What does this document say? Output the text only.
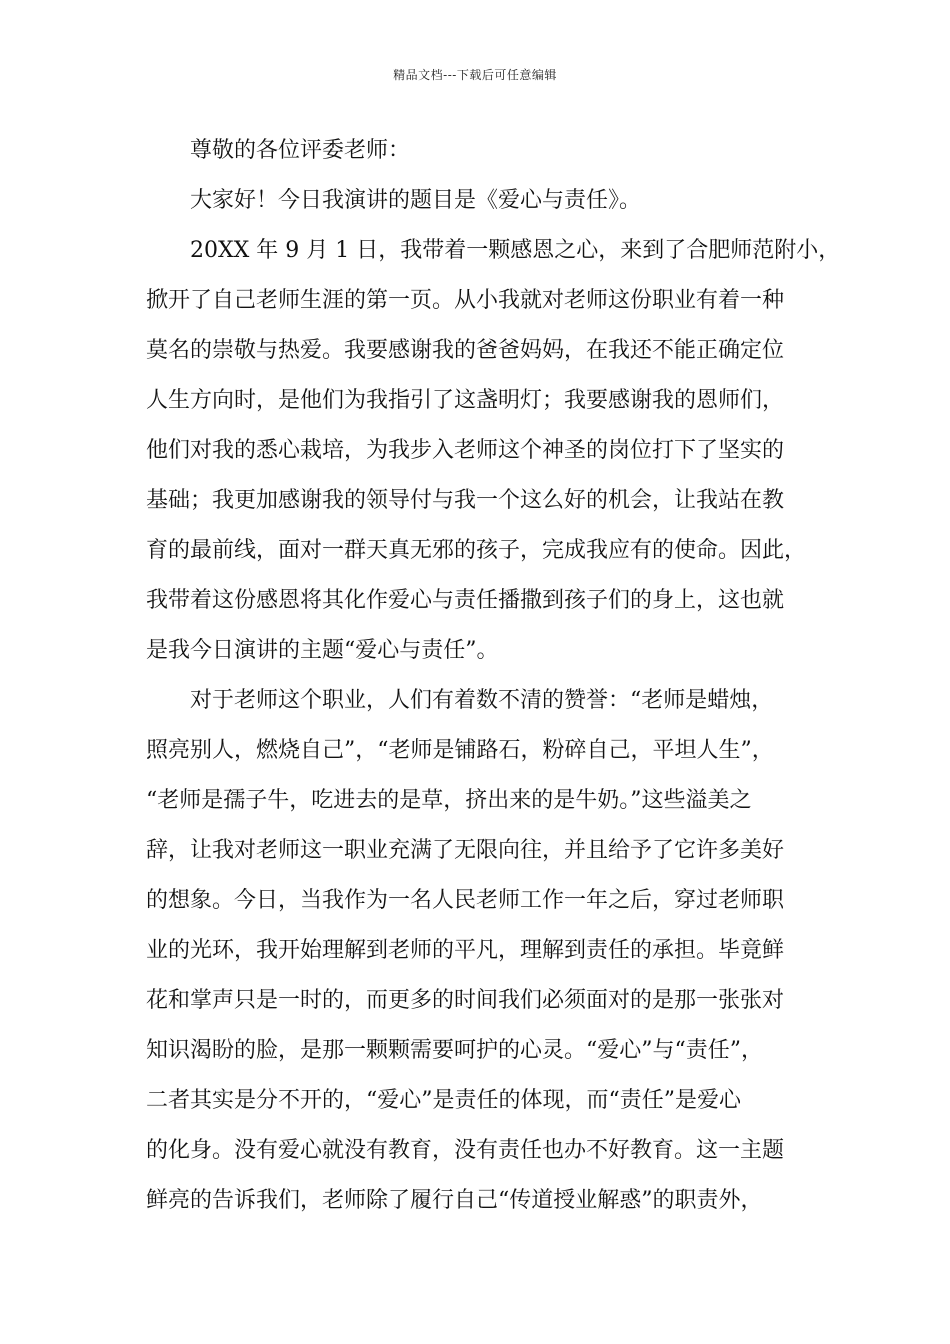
精品文档---下载后可任意编辑
尊敬的各位评委老师：
大家好！今日我演讲的题目是《爱心与责任》。
20XX 年 9 月 1 日，我带着一颗感恩之心，来到了合肥师范附小，
掀开了自己老师生涯的第一页。从小我就对老师这份职业有着一种
莫名的崇敬与热爱。我要感谢我的爸爸妈妈，在我还不能正确定位
人生方向时，是他们为我指引了这盏明灯；我要感谢我的恩师们，
他们对我的悉心栽培，为我步入老师这个神圣的岗位打下了坚实的
基础；我更加感谢我的领导付与我一个这么好的机会，让我站在教
育的最前线，面对一群天真无邪的孩子，完成我应有的使命。因此，
我带着这份感恩将其化作爱心与责任播撒到孩子们的身上，这也就
是我今日演讲的主题“爱心与责任”。
对于老师这个职业，人们有着数不清的赞誉：“老师是蜡烛，
照亮别人，燃烧自己”，“老师是铺路石，粉碎自己，平坦人生”，
“老师是孺子牛，吃进去的是草，挤出来的是牛奶。”这些溢美之
辞，让我对老师这一职业充满了无限向往，并且给予了它许多美好
的想象。今日，当我作为一名人民老师工作一年之后，穿过老师职
业的光环，我开始理解到老师的平凡，理解到责任的承担。毕竟鲜
花和掌声只是一时的，而更多的时间我们必须面对的是那一张张对
知识渴盼的脸，是那一颗颗需要呵护的心灵。“爱心”与“责任”，
二者其实是分不开的，“爱心”是责任的体现，而“责任”是爱心
的化身。没有爱心就没有教育，没有责任也办不好教育。这一主题
鲜亮的告诉我们，老师除了履行自己“传道授业解惑”的职责外，
